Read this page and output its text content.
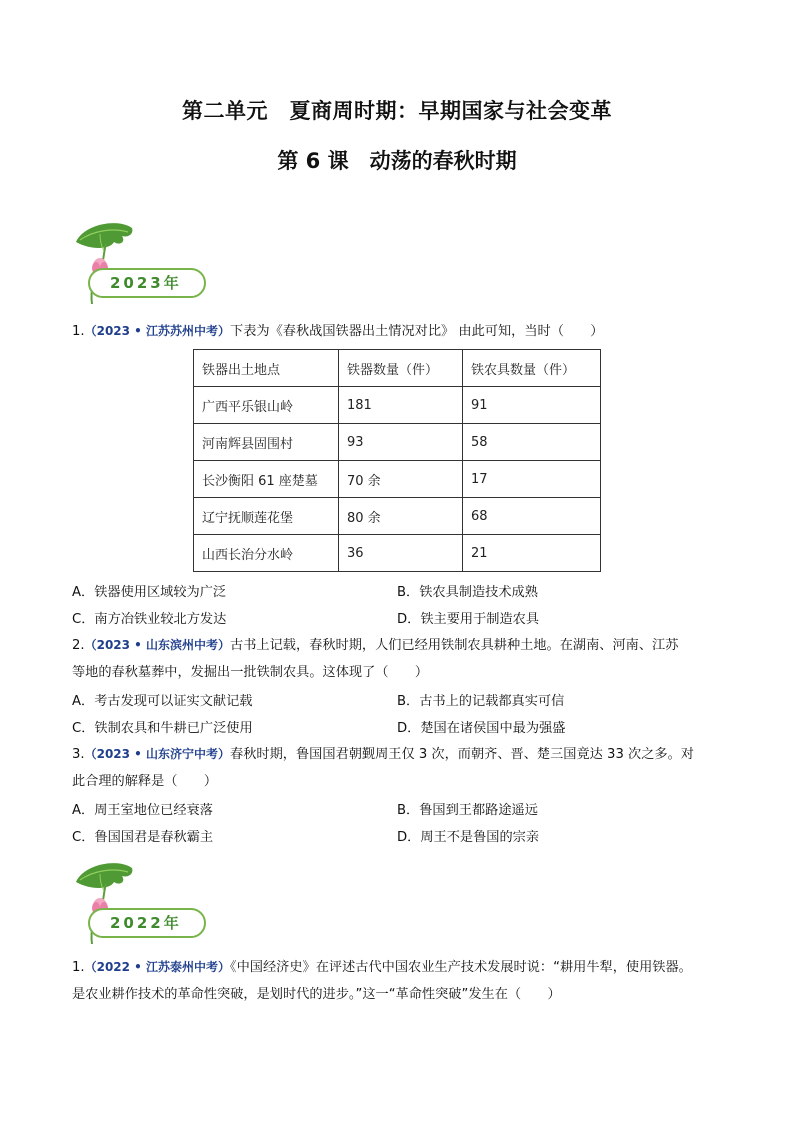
第二单元　夏商周时期：早期国家与社会变革
第 6 课　动荡的春秋时期
2023年
1.（2023 • 江苏苏州中考）下表为《春秋战国铁器出土情况对比》 由此可知，当时（　　）
铁器出土地点	铁器数量（件）	铁农具数量（件）
广西平乐银山岭	181	91
河南辉县固围村	93	58
长沙衡阳 61 座楚墓	70 余	17
辽宁抚顺莲花堡	80 余	68
山西长治分水岭	36	21
A．铁器使用区域较为广泛	B．铁农具制造技术成熟
C．南方冶铁业较北方发达	D．铁主要用于制造农具
2.（2023 • 山东滨州中考）古书上记载，春秋时期，人们已经用铁制农具耕种土地。在湖南、河南、江苏
等地的春秋墓葬中，发掘出一批铁制农具。这体现了（　　）
A．考古发现可以证实文献记载	B．古书上的记载都真实可信
C．铁制农具和牛耕已广泛使用	D．楚国在诸侯国中最为强盛
3.（2023 • 山东济宁中考）春秋时期，鲁国国君朝觐周王仅 3 次，而朝齐、晋、楚三国竟达 33 次之多。对
此合理的解释是（　　）
A．周王室地位已经衰落	B．鲁国到王都路途遥远
C．鲁国国君是春秋霸主	D．周王不是鲁国的宗亲
2022年
1.（2022 • 江苏泰州中考）《中国经济史》在评述古代中国农业生产技术发展时说：“耕用牛犁，使用铁器。
是农业耕作技术的革命性突破，是划时代的进步。”这一“革命性突破”发生在（　　）
